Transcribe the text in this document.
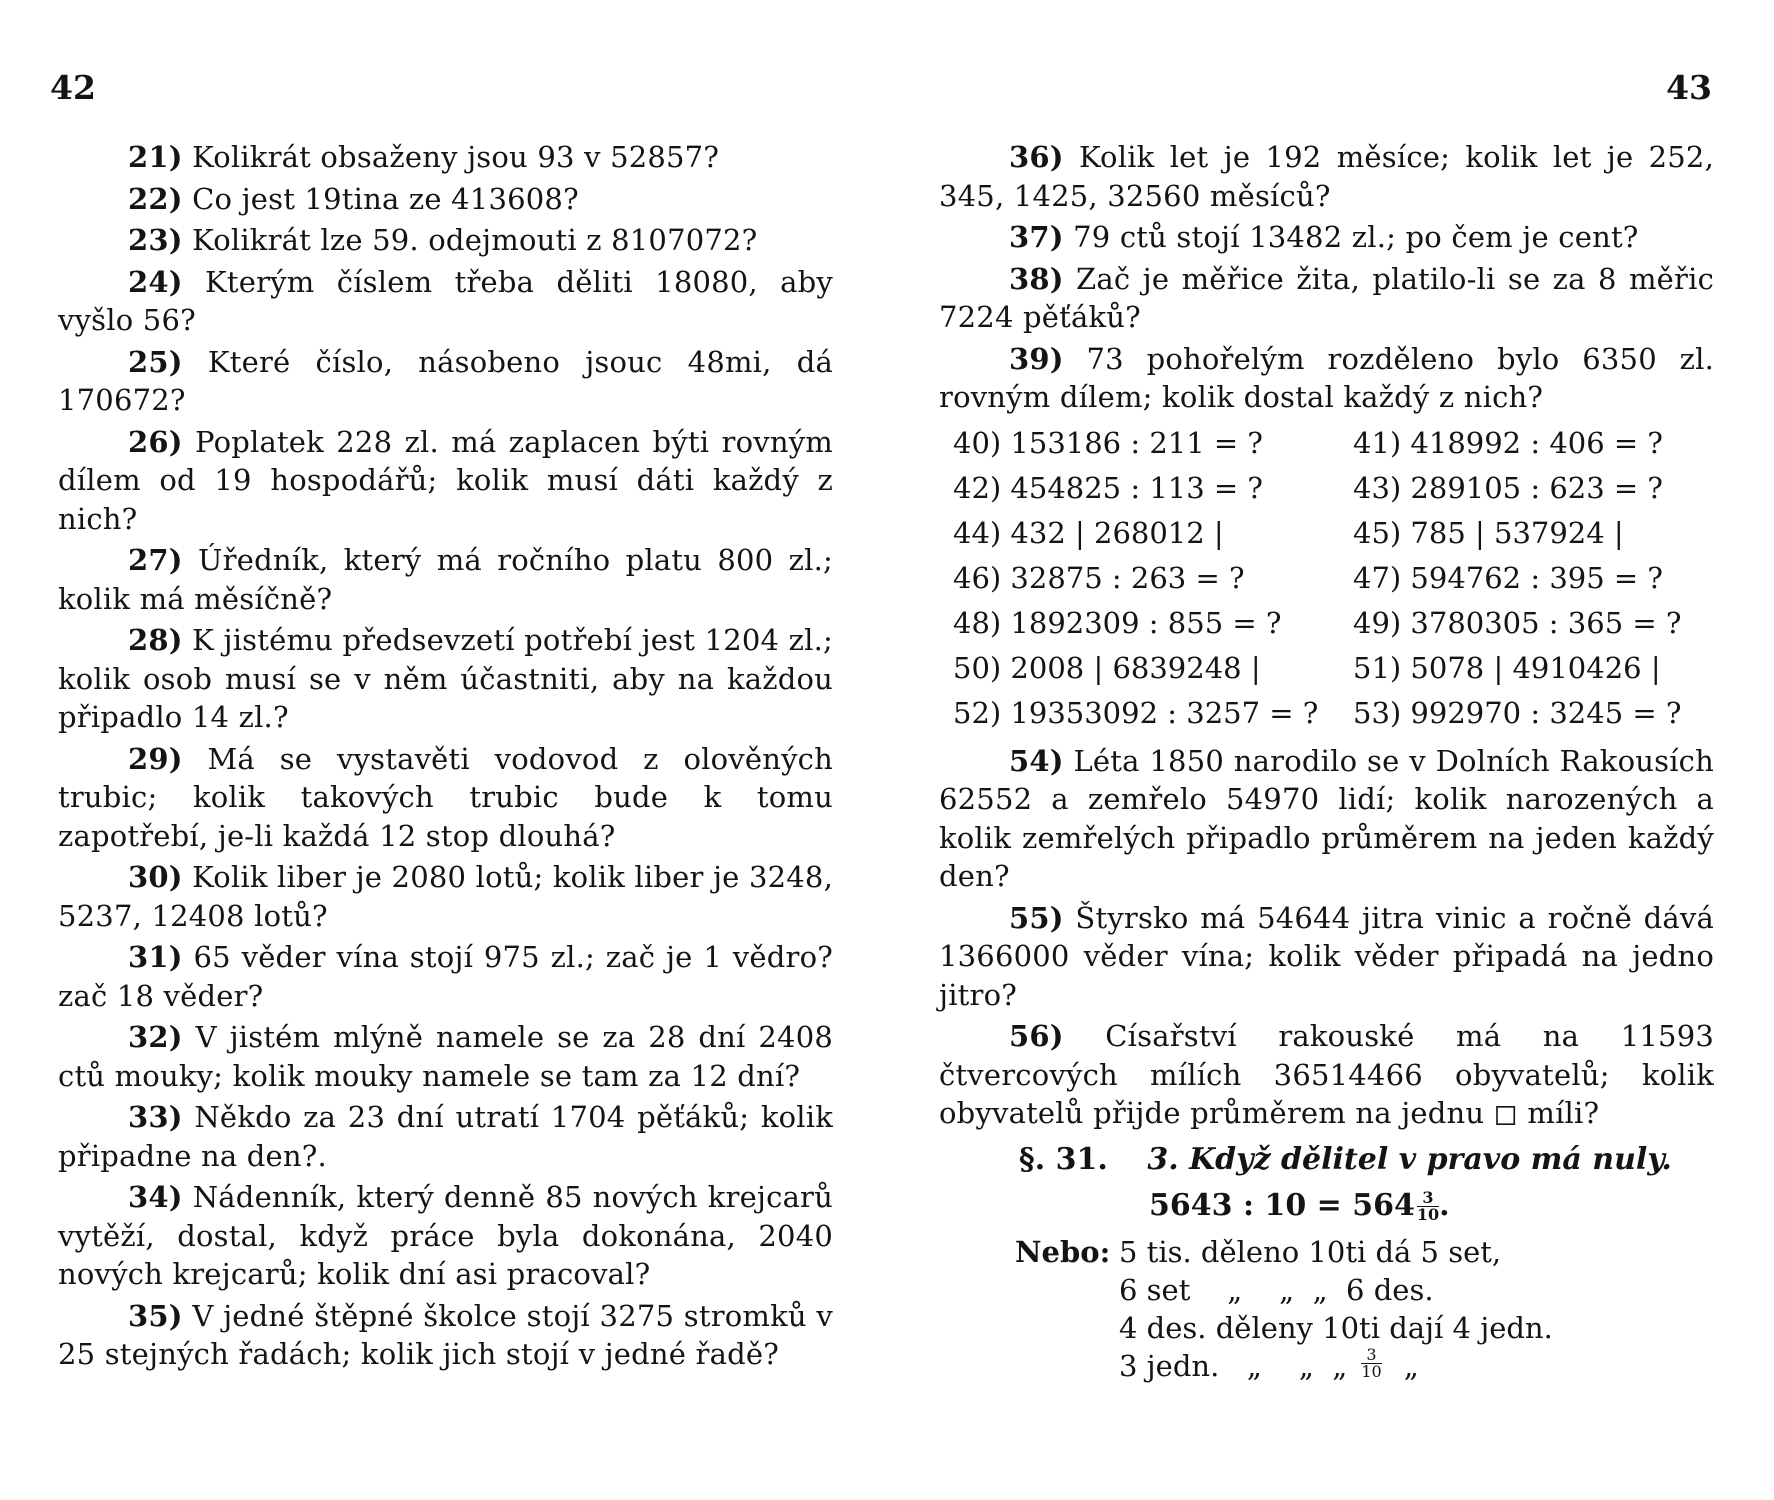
42

21) Kolikrát obsaženy jsou 93 v 52857?

22) Co jest 19tina ze 413608?

23) Kolikrát lze 59. odejmouti z 8107072?

24) Kterým číslem třeba děliti 18080, aby vyšlo 56?

25) Které číslo, násobeno jsouc 48mi, dá 170672?

26) Poplatek 228 zl. má zaplacen býti rovným dílem od 19 hospodářů; kolik musí dáti každý z nich?

27) Úředník, který má ročního platu 800 zl.; kolik má měsíčně?

28) K jistému předsevzetí potřebí jest 1204 zl.; kolik osob musí se v něm účastniti, aby na každou připadlo 14 zl.?

29) Má se vystavěti vodovod z olověných trubic; kolik takových trubic bude k tomu zapotřebí, je-li každá 12 stop dlouhá?

30) Kolik liber je 2080 lotů; kolik liber je 3248, 5237, 12408 lotů?

31) 65 věder vína stojí 975 zl.; zač je 1 vědro? zač 18 věder?

32) V jistém mlýně namele se za 28 dní 2408 ctů mouky; kolik mouky namele se tam za 12 dní?

33) Někdo za 23 dní utratí 1704 pěťáků; kolik připadne na den?.

34) Nádenník, který denně 85 nových krejcarů vytěží, dostal, když práce byla dokonána, 2040 nových krejcarů; kolik dní asi pracoval?

35) V jedné štěpné školce stojí 3275 stromků v 25 stejných řadách; kolik jich stojí v jedné řadě?

43

36) Kolik let je 192 měsíce; kolik let je 252, 345, 1425, 32560 měsíců?

37) 79 ctů stojí 13482 zl.; po čem je cent?

38) Zač je měřice žita, platilo-li se za 8 měřic 7224 pěťáků?

39) 73 pohořelým rozděleno bylo 6350 zl. rovným dílem; kolik dostal každý z nich?

40) 153186 : 211 = ?	41) 418992 : 406 = ?
42) 454825 : 113 = ?	43) 289105 : 623 = ?
44) 432 | 268012 |	45) 785 | 537924 |
46) 32875 : 263 = ?	47) 594762 : 395 = ?
48) 1892309 : 855 = ?	49) 3780305 : 365 = ?
50) 2008 | 6839248 |	51) 5078 | 4910426 |
52) 19353092 : 3257 = ?	53) 992970 : 3245 = ?

54) Léta 1850 narodilo se v Dolních Rakousích 62552 a zemřelo 54970 lidí; kolik narozených a kolik zemřelých připadlo průměrem na jeden každý den?

55) Štyrsko má 54644 jitra vinic a ročně dává 1366000 věder vína; kolik věder připadá na jedno jitro?

56) Císařství rakouské má na 11593 čtvercových mílích 36514466 obyvatelů; kolik obyvatelů přijde průměrem na jednu ◻ míli?

§. 31. 3. Když dělitel v pravo má nuly.
5643 : $10 = 564 \frac{3}{10}$ .
Nebo: 5 tis. děleno 10ti dá 5 set,
6 set    „    „  „  6 des.
4 des. děleny 10ti dají 4 jedn.
3 jedn.   „    „  „ $\frac{3}{10}$ „
